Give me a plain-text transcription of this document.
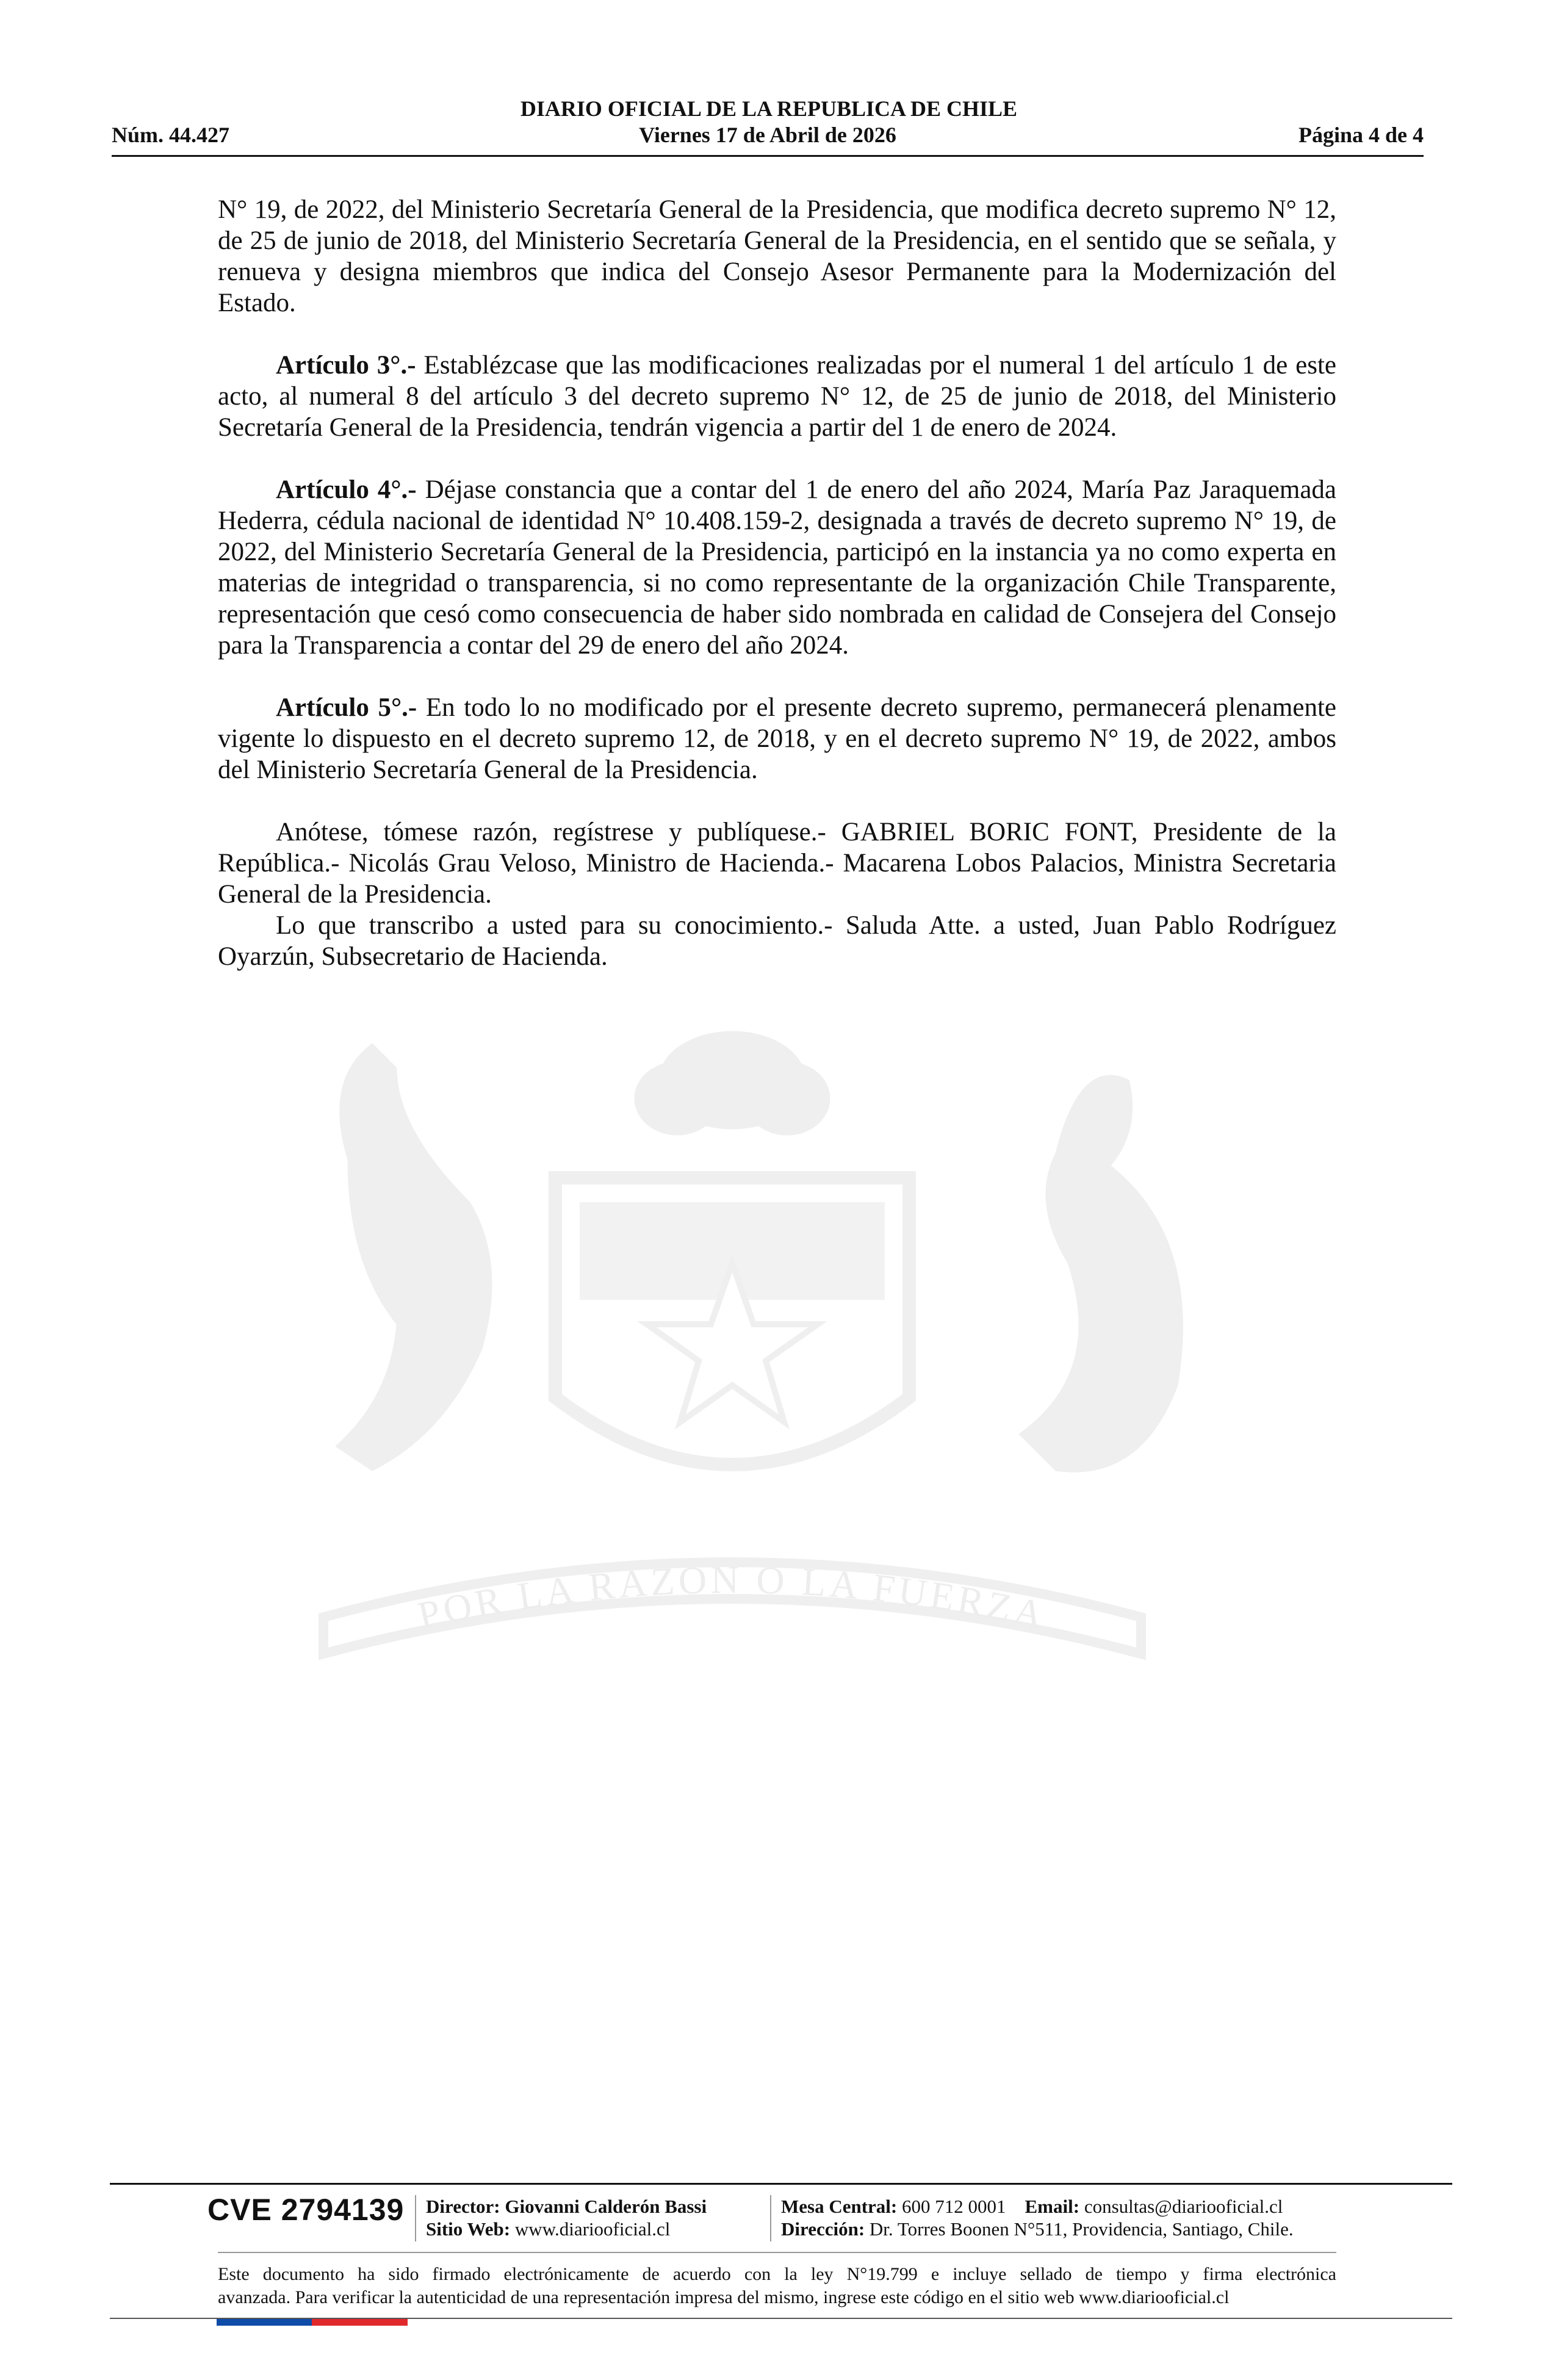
DIARIO OFICIAL DE LA REPUBLICA DE CHILE
Núm. 44.427	Viernes 17 de Abril de 2026	Página 4 de 4
POR LA RAZON O LA FUERZA

N° 19, de 2022, del Ministerio Secretaría General de la Presidencia, que modifica decreto supremo N° 12, de 25 de junio de 2018, del Ministerio Secretaría General de la Presidencia, en el sentido que se señala, y renueva y designa miembros que indica del Consejo Asesor Permanente para la Modernización del Estado.

Artículo 3°.- Establézcase que las modificaciones realizadas por el numeral 1 del artículo 1 de este acto, al numeral 8 del artículo 3 del decreto supremo N° 12, de 25 de junio de 2018, del Ministerio Secretaría General de la Presidencia, tendrán vigencia a partir del 1 de enero de 2024.

Artículo 4°.- Déjase constancia que a contar del 1 de enero del año 2024, María Paz Jaraquemada Hederra, cédula nacional de identidad N° 10.408.159-2, designada a través de decreto supremo N° 19, de 2022, del Ministerio Secretaría General de la Presidencia, participó en la instancia ya no como experta en materias de integridad o transparencia, si no como representante de la organización Chile Transparente, representación que cesó como consecuencia de haber sido nombrada en calidad de Consejera del Consejo para la Transparencia a contar del 29 de enero del año 2024.

Artículo 5°.- En todo lo no modificado por el presente decreto supremo, permanecerá plenamente vigente lo dispuesto en el decreto supremo 12, de 2018, y en el decreto supremo N° 19, de 2022, ambos del Ministerio Secretaría General de la Presidencia.

Anótese, tómese razón, regístrese y publíquese.- GABRIEL BORIC FONT, Presidente de la República.- Nicolás Grau Veloso, Ministro de Hacienda.- Macarena Lobos Palacios, Ministra Secretaria General de la Presidencia.

Lo que transcribo a usted para su conocimiento.- Saluda Atte. a usted, Juan Pablo Rodríguez Oyarzún, Subsecretario de Hacienda.

CVE 2794139 Director: Giovanni Calderón Bassi
Sitio Web: www.diariooficial.cl
Mesa Central: 600 712 0001 Email: consultas@diariooficial.cl
Dirección: Dr. Torres Boonen N°511, Providencia, Santiago, Chile.

Este documento ha sido firmado electrónicamente de acuerdo con la ley N°19.799 e incluye sellado de tiempo y firma electrónica

avanzada. Para verificar la autenticidad de una representación impresa del mismo, ingrese este código en el sitio web www.diariooficial.cl
